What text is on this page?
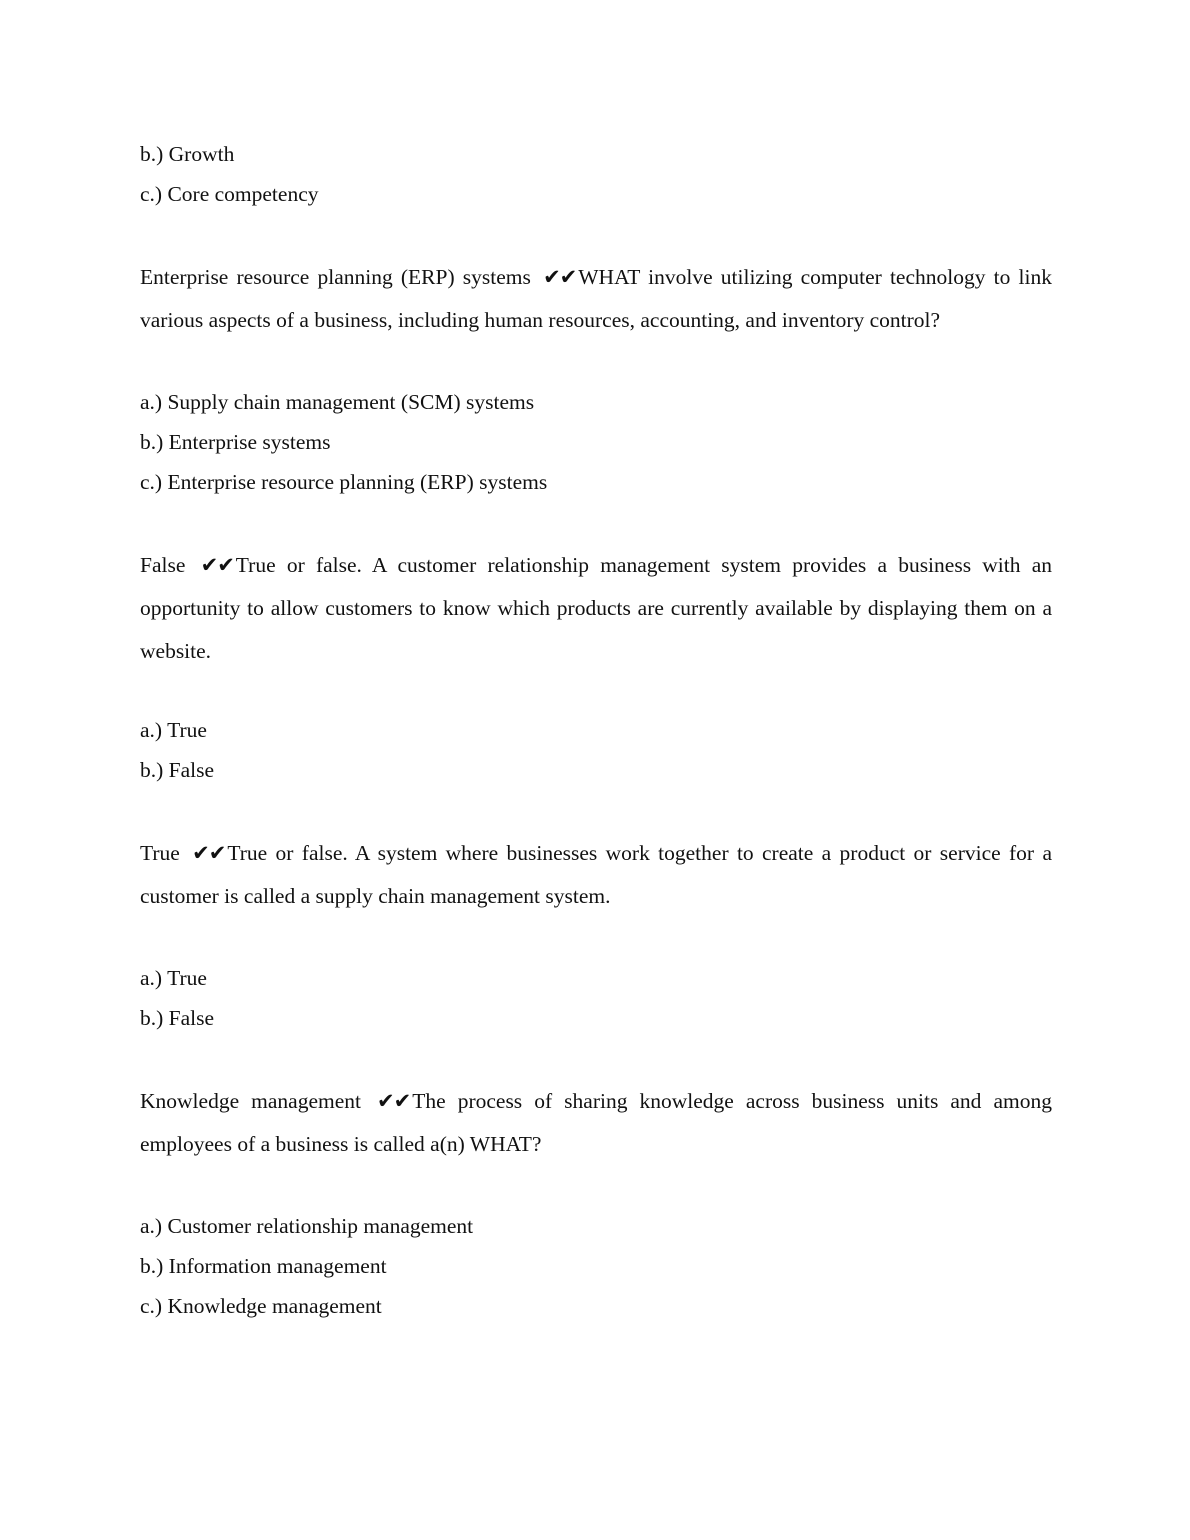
b.) Growth
c.) Core competency
Enterprise resource planning (ERP) systems ✔✔WHAT involve utilizing computer technology to link various aspects of a business, including human resources, accounting, and inventory control?
a.) Supply chain management (SCM) systems
b.) Enterprise systems
c.) Enterprise resource planning (ERP) systems
False ✔✔True or false. A customer relationship management system provides a business with an opportunity to allow customers to know which products are currently available by displaying them on a website.
a.) True
b.) False
True ✔✔True or false. A system where businesses work together to create a product or service for a customer is called a supply chain management system.
a.) True
b.) False
Knowledge management ✔✔The process of sharing knowledge across business units and among employees of a business is called a(n) WHAT?
a.) Customer relationship management
b.) Information management
c.) Knowledge management
